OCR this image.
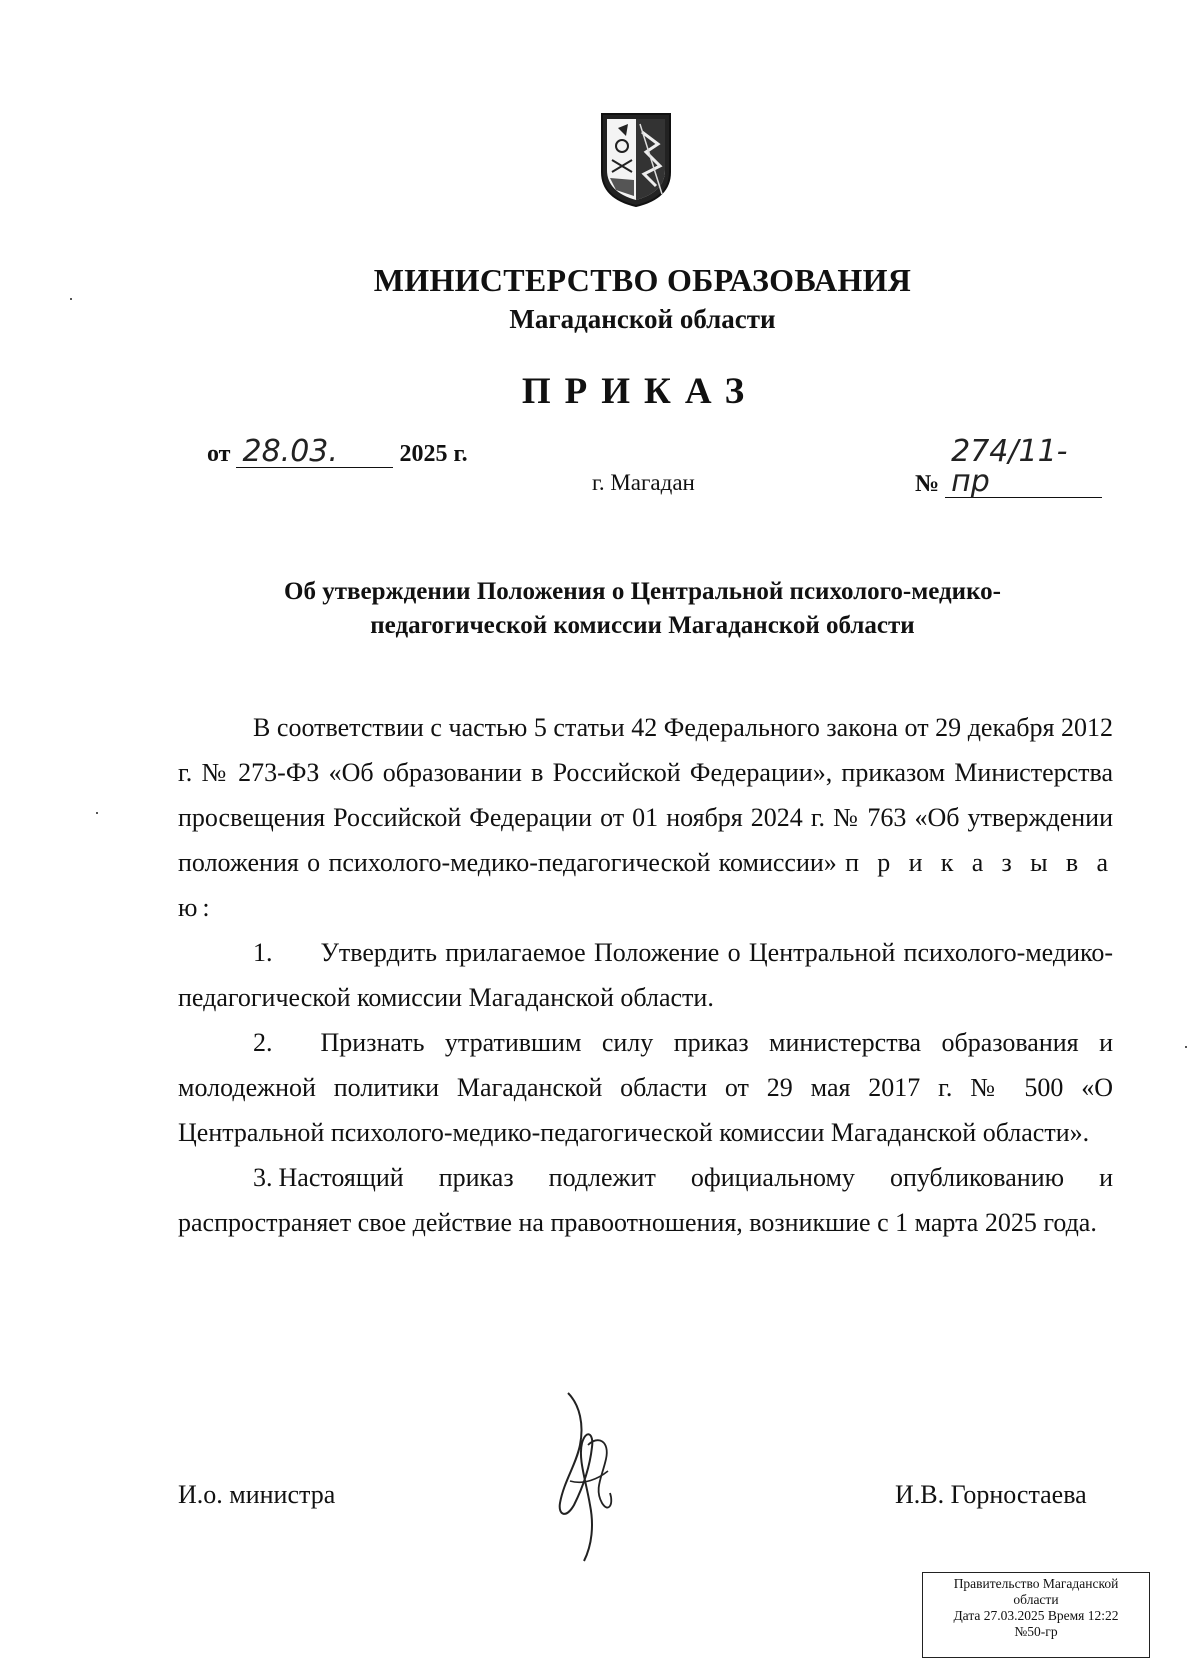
МИНИСТЕРСТВО ОБРАЗОВАНИЯ
Магаданской области
ПРИКАЗ
от 28.03.	2025 г.
№
274/11-пр
г. Магадан
Об утверждении Положения о Центральной психолого-медико-
педагогической комиссии Магаданской области

В соответствии с частью 5 статьи 42 Федерального закона от 29 декабря 2012 г. № 273-ФЗ «Об образовании в Российской Федерации», приказом Министерства просвещения Российской Федерации от 01 ноября 2024 г. № 763 «Об утверждении положения о психолого-медико-педагогической комиссии» п р и к а з ы в а ю:

1. Утвердить прилагаемое Положение о Центральной психолого-медико-педагогической комиссии Магаданской области.

2. Признать утратившим силу приказ министерства образования и молодежной политики Магаданской области от 29 мая 2017 г. № 500 «О Центральной психолого-медико-педагогической комиссии Магаданской области».

3. Настоящий приказ подлежит официальному опубликованию и распространяет свое действие на правоотношения, возникшие с 1 марта 2025 года.

И.о. министра	И.В. Горностаева
Правительство Магаданской
области
Дата 27.03.2025 Время 12:22
№50-гр
